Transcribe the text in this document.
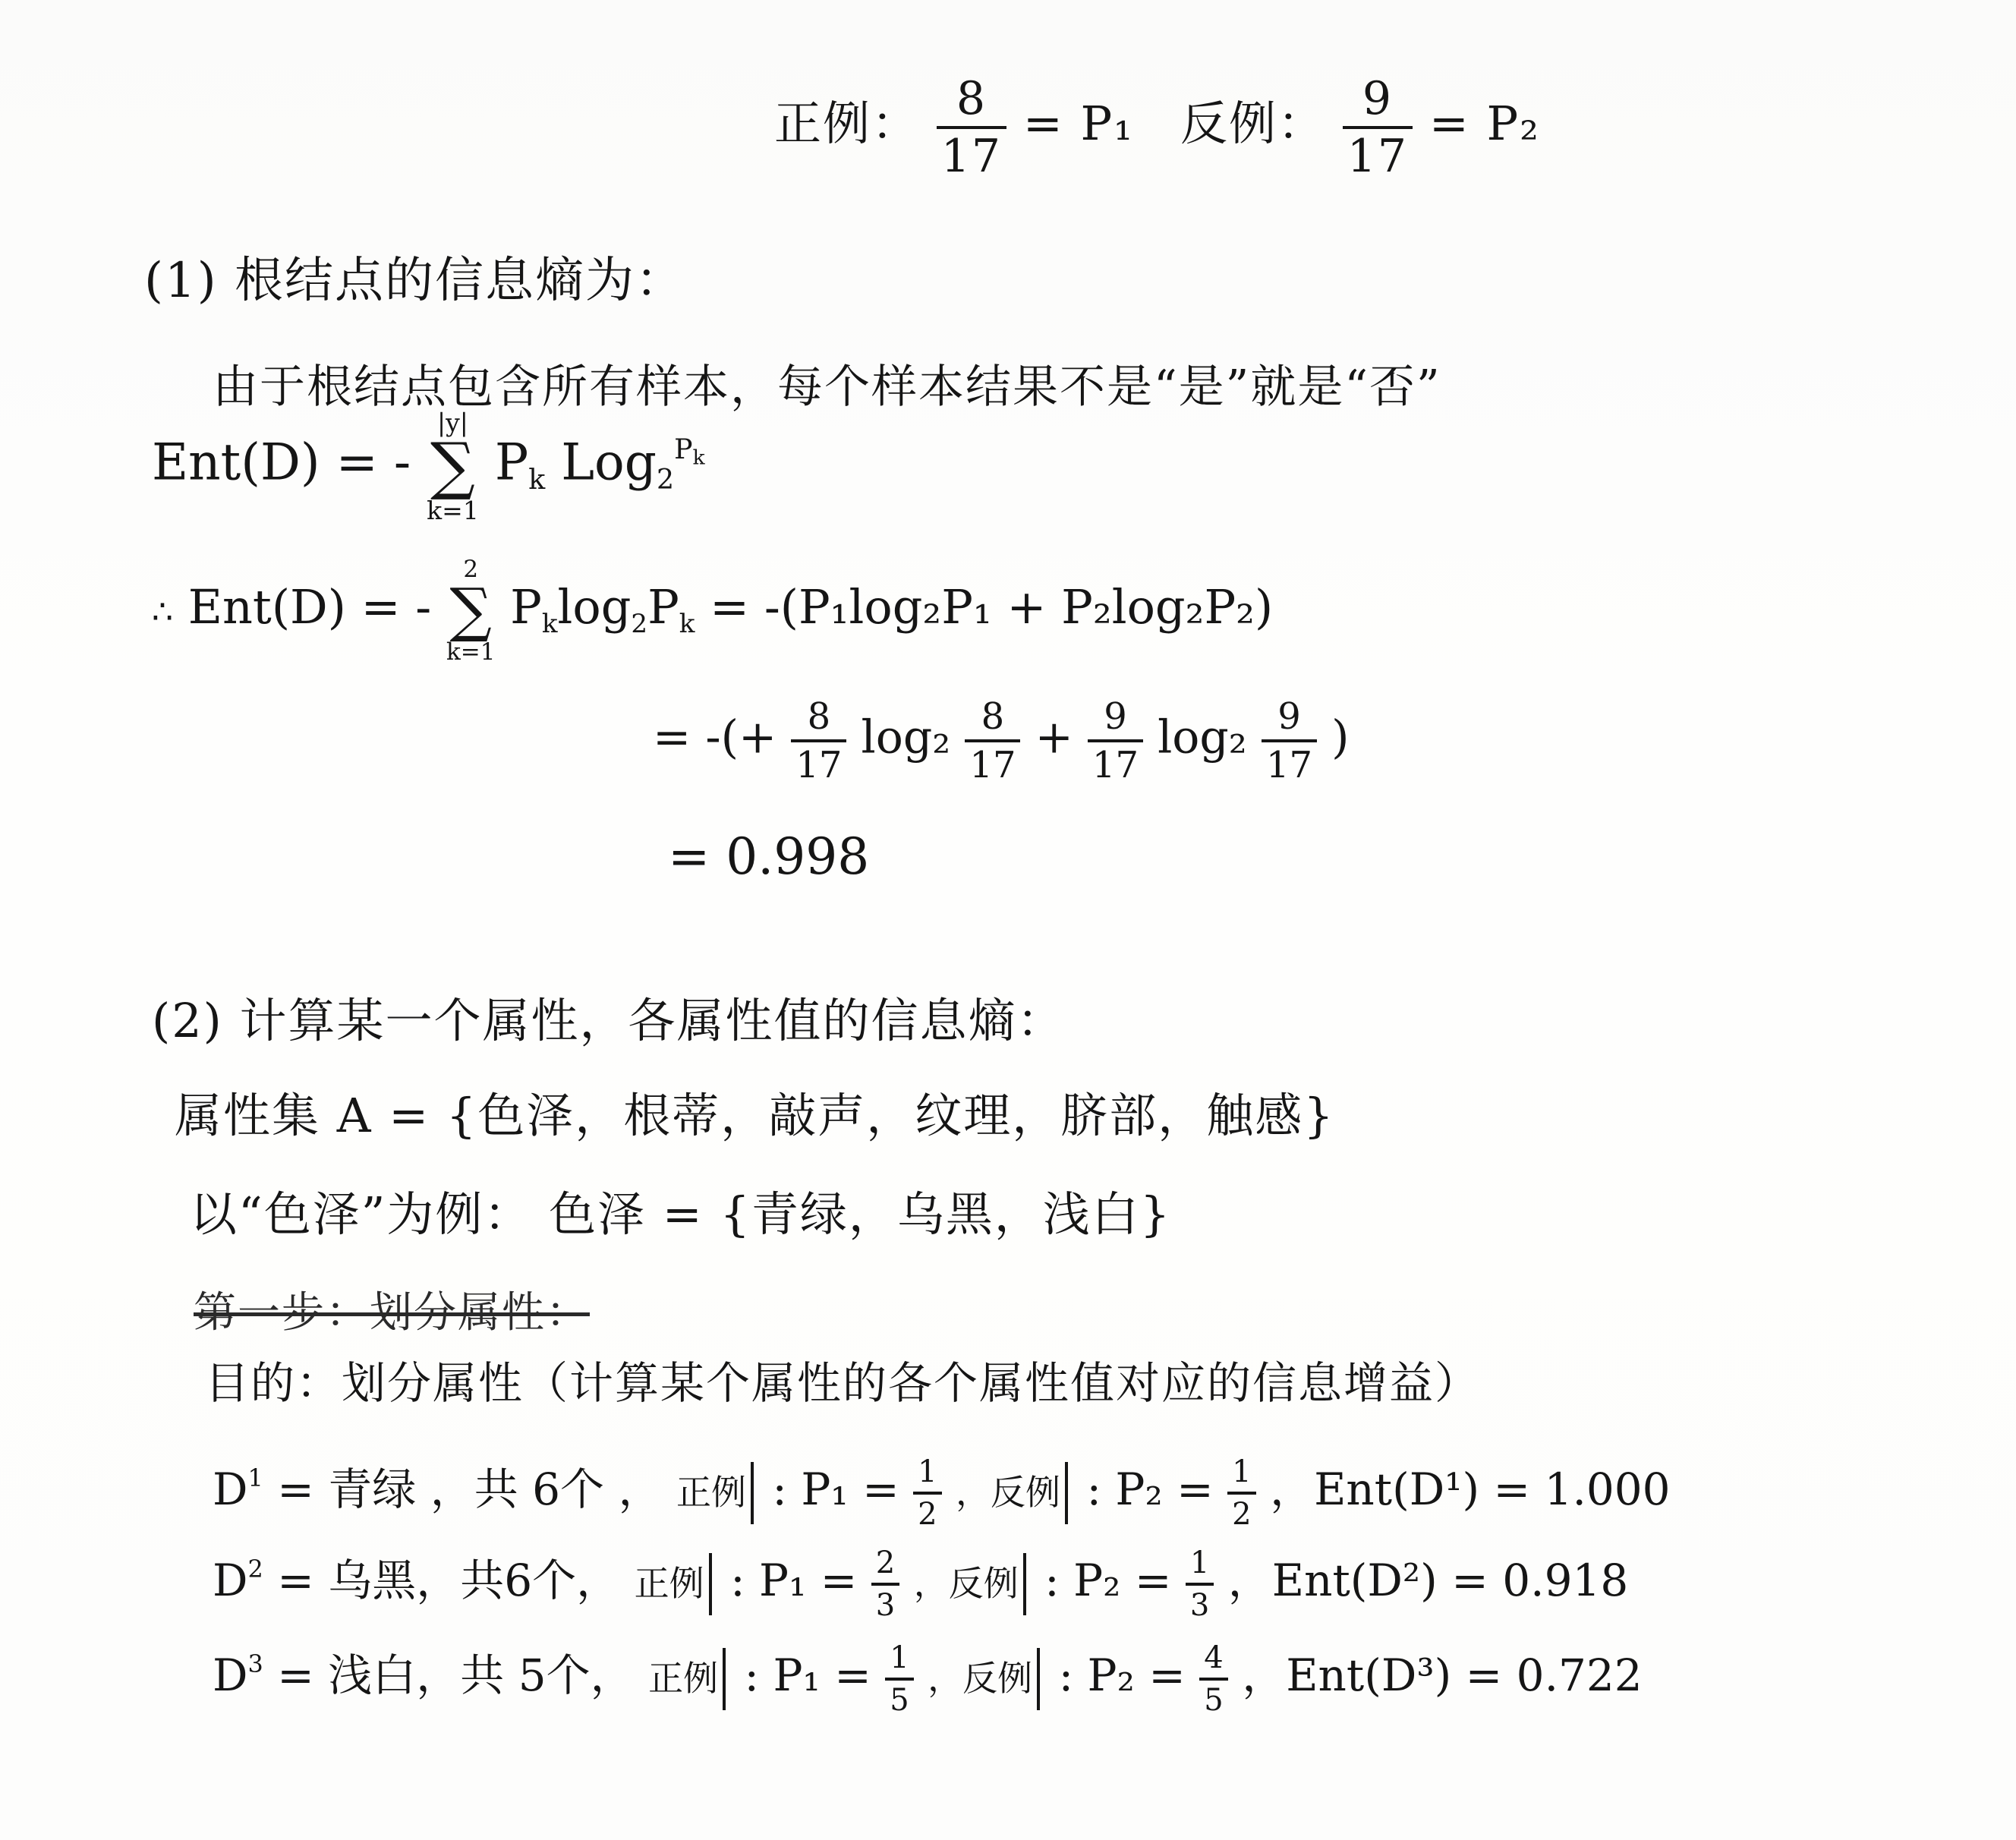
正例： $\frac{8}{17} = P_1$ 反例： $\frac{9}{17} = P_2$
(1) 根结点的信息熵为：
由于根结点包含所有样本，每个样本结果不是“是”就是“否”
Ent(D) = -
|y|
∑
k=1
$P_k$ Log$_2^{Pk}$
∴ Ent(D) = -
2
∑
k=1
$P_k\log_2P_k = -(P_1\log_2P_1 + P_2\log_2P_2)$
= -(+ $\frac{8}{17} \log_2 \frac{8}{17} + \frac{9}{17} \log_2 \frac{9}{17}$ )
= 0.998
(2) 计算某一个属性，各属性值的信息熵：
属性集 A = {色泽，根蒂，敲声，纹理，脐部，触感}
以“色泽”为例： 色泽 = {青绿，乌黑，浅白}
第一步：划分属性：
目的：划分属性（计算某个属性的各个属性值对应的信息增益）
$D^1$ = 青绿 ，共 6个 ， 正例 : $P_1 = \frac{1}{2}$ ，反例 : $P_2 = \frac{1}{2}$ ，Ent(D¹) = 1.000
$D^2$ = 乌黑，共6个， 正例 : $P_1 = \frac{2}{3}$ ，反例 : $P_2 = \frac{1}{3}$ ，Ent(D²) = 0.918
$D^3$ = 浅白，共 5个， 正例 : $P_1 = \frac{1}{5}$ ，反例 : $P_2 = \frac{4}{5}$ ，Ent(D³) = 0.722
